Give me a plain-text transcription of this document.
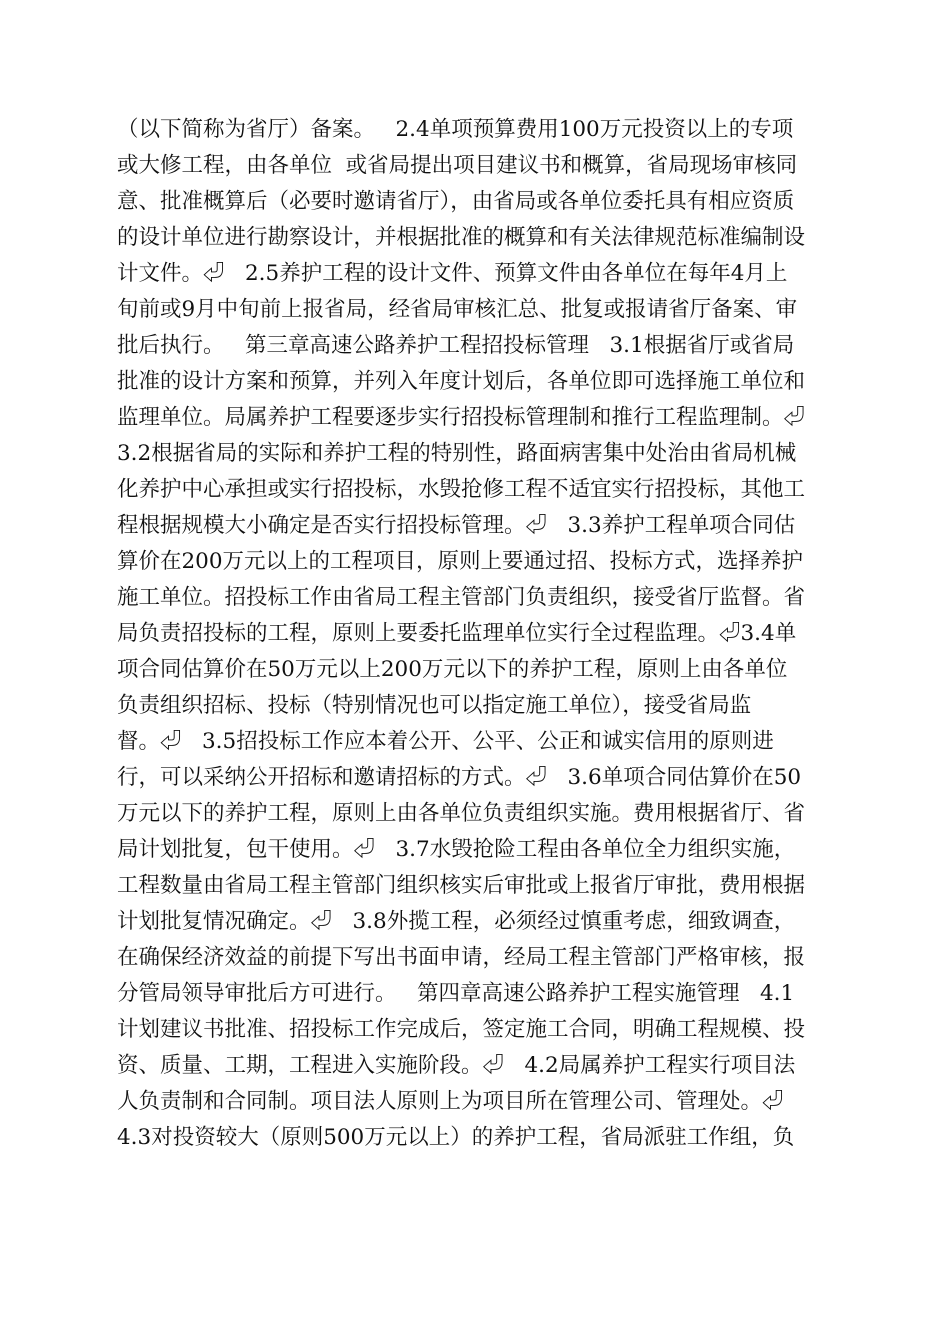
（以下简称为省厅）备案。   2.4单项预算费用100万元投资以上的专项
或大修工程，由各单位  或省局提出项目建议书和概算，省局现场审核同
意、批准概算后（必要时邀请省厅），由省局或各单位委托具有相应资质
的设计单位进行勘察设计，并根据批准的概算和有关法律规范标准编制设
计文件。⏎   2.5养护工程的设计文件、预算文件由各单位在每年4月上
旬前或9月中旬前上报省局，经省局审核汇总、批复或报请省厅备案、审
批后执行。   第三章高速公路养护工程招投标管理   3.1根据省厅或省局
批准的设计方案和预算，并列入年度计划后，各单位即可选择施工单位和
监理单位。局属养护工程要逐步实行招投标管理制和推行工程监理制。⏎
3.2根据省局的实际和养护工程的特别性，路面病害集中处治由省局机械
化养护中心承担或实行招投标，水毁抢修工程不适宜实行招投标，其他工
程根据规模大小确定是否实行招投标管理。⏎   3.3养护工程单项合同估
算价在200万元以上的工程项目，原则上要通过招、投标方式，选择养护
施工单位。招投标工作由省局工程主管部门负责组织，接受省厅监督。省
局负责招投标的工程，原则上要委托监理单位实行全过程监理。⏎3.4单
项合同估算价在50万元以上200万元以下的养护工程，原则上由各单位
负责组织招标、投标（特别情况也可以指定施工单位），接受省局监
督。⏎   3.5招投标工作应本着公开、公平、公正和诚实信用的原则进
行，可以采纳公开招标和邀请招标的方式。⏎   3.6单项合同估算价在50
万元以下的养护工程，原则上由各单位负责组织实施。费用根据省厅、省
局计划批复，包干使用。⏎   3.7水毁抢险工程由各单位全力组织实施，
工程数量由省局工程主管部门组织核实后审批或上报省厅审批，费用根据
计划批复情况确定。⏎   3.8外揽工程，必须经过慎重考虑，细致调查，
在确保经济效益的前提下写出书面申请，经局工程主管部门严格审核，报
分管局领导审批后方可进行。   第四章高速公路养护工程实施管理   4.1
计划建议书批准、招投标工作完成后，签定施工合同，明确工程规模、投
资、质量、工期，工程进入实施阶段。⏎   4.2局属养护工程实行项目法
人负责制和合同制。项目法人原则上为项目所在管理公司、管理处。⏎
4.3对投资较大（原则500万元以上）的养护工程，省局派驻工作组，负
